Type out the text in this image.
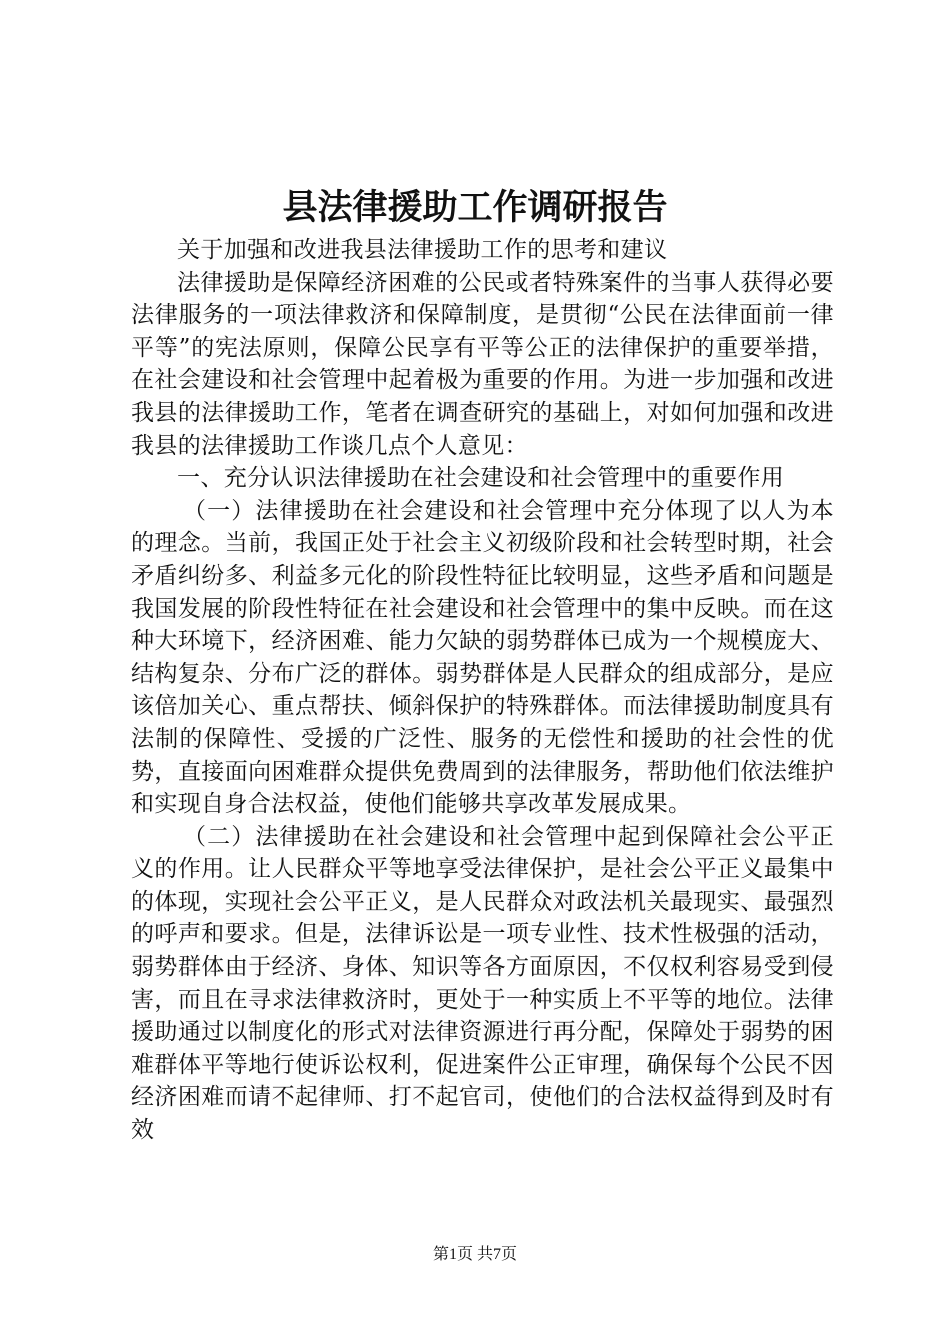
县法律援助工作调研报告

关于加强和改进我县法律援助工作的思考和建议

法律援助是保障经济困难的公民或者特殊案件的当事人获得必要法律服务的一项法律救济和保障制度，是贯彻“公民在法律面前一律平等”的宪法原则，保障公民享有平等公正的法律保护的重要举措，在社会建设和社会管理中起着极为重要的作用。为进一步加强和改进我县的法律援助工作，笔者在调查研究的基础上，对如何加强和改进我县的法律援助工作谈几点个人意见：

一、充分认识法律援助在社会建设和社会管理中的重要作用

（一）法律援助在社会建设和社会管理中充分体现了以人为本的理念。当前，我国正处于社会主义初级阶段和社会转型时期，社会矛盾纠纷多、利益多元化的阶段性特征比较明显，这些矛盾和问题是我国发展的阶段性特征在社会建设和社会管理中的集中反映。而在这种大环境下，经济困难、能力欠缺的弱势群体已成为一个规模庞大、结构复杂、分布广泛的群体。弱势群体是人民群众的组成部分，是应该倍加关心、重点帮扶、倾斜保护的特殊群体。而法律援助制度具有法制的保障性、受援的广泛性、服务的无偿性和援助的社会性的优势，直接面向困难群众提供免费周到的法律服务，帮助他们依法维护和实现自身合法权益，使他们能够共享改革发展成果。

（二）法律援助在社会建设和社会管理中起到保障社会公平正义的作用。让人民群众平等地享受法律保护，是社会公平正义最集中的体现，实现社会公平正义，是人民群众对政法机关最现实、最强烈的呼声和要求。但是，法律诉讼是一项专业性、技术性极强的活动，弱势群体由于经济、身体、知识等各方面原因，不仅权利容易受到侵害，而且在寻求法律救济时，更处于一种实质上不平等的地位。法律援助通过以制度化的形式对法律资源进行再分配，保障处于弱势的困难群体平等地行使诉讼权利，促进案件公正审理，确保每个公民不因经济困难而请不起律师、打不起官司，使他们的合法权益得到及时有效

第1页 共7页
